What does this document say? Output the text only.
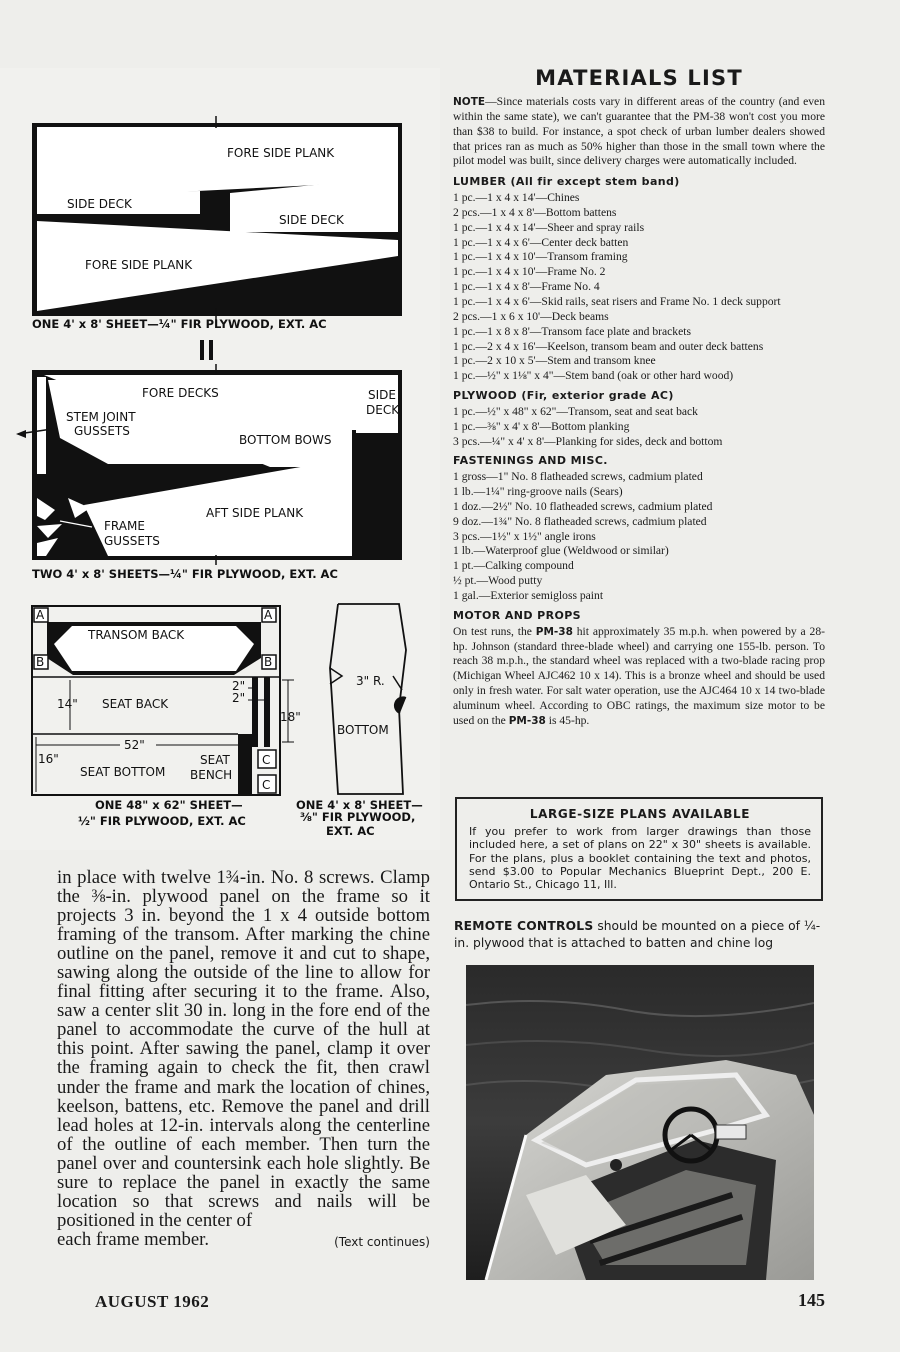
FORE SIDE PLANK
SIDE DECK
SIDE DECK
FORE SIDE PLANK
ONE 4' x 8' SHEET—¼" FIR PLYWOOD, EXT. AC
FORE DECKS	SIDE
DECK
STEM JOINT
GUSSETS
BOTTOM BOWS
AFT SIDE PLANK
FRAME
GUSSETS
TWO 4' x 8' SHEETS—¼" FIR PLYWOOD, EXT. AC
A	A
B	B
C
C
TRANSOM BACK
SEAT BACK
SEAT BOTTOM
SEAT
BENCH
14"
16"
52"
2"
2"
18"
ONE 48" x 62" SHEET—
½" FIR PLYWOOD, EXT. AC
3" R.
BOTTOM
ONE 4' x 8' SHEET—
⅜" FIR PLYWOOD,
EXT. AC

in place with twelve 1¾-in. No. 8 screws. Clamp the ⅜-in. plywood panel on the frame so it projects 3 in. beyond the 1 x 4 outside bottom framing of the transom. After marking the chine outline on the panel, remove it and cut to shape, sawing along the outside of the line to allow for final fitting after securing it to the frame. Also, saw a center slit 30 in. long in the fore end of the panel to accommodate the curve of the hull at this point. After sawing the panel, clamp it over the framing again to check the fit, then crawl under the frame and mark the location of chines, keelson, battens, etc. Remove the panel and drill lead holes at 12-in. intervals along the centerline of the outline of each member. Then turn the panel over and countersink each hole slightly. Be sure to replace the panel in exactly the same location so that screws and nails will be positioned in the center of

each frame member.	(Text continues)

AUGUST 1962	145
MATERIALS LIST

NOTE—Since materials costs vary in different areas of the country (and even within the same state), we can't guarantee that the PM-38 won't cost you more than $38 to build. For instance, a spot check of urban lumber dealers showed that prices ran as much as 50% higher than those in the small town where the pilot model was built, since delivery charges were automatically included.

LUMBER (All fir except stem band)
1 pc.—1 x 4 x 14'—Chines
2 pcs.—1 x 4 x 8'—Bottom battens
1 pc.—1 x 4 x 14'—Sheer and spray rails
1 pc.—1 x 4 x 6'—Center deck batten
1 pc.—1 x 4 x 10'—Transom framing
1 pc.—1 x 4 x 10'—Frame No. 2
1 pc.—1 x 4 x 8'—Frame No. 4
1 pc.—1 x 4 x 6'—Skid rails, seat risers and Frame No. 1 deck support
2 pcs.—1 x 6 x 10'—Deck beams
1 pc.—1 x 8 x 8'—Transom face plate and brackets
1 pc.—2 x 4 x 16'—Keelson, transom beam and outer deck battens
1 pc.—2 x 10 x 5'—Stem and transom knee
1 pc.—½" x 1⅛" x 4"—Stem band (oak or other hard wood)
PLYWOOD (Fir, exterior grade AC)
1 pc.—½" x 48" x 62"—Transom, seat and seat back
1 pc.—⅜" x 4' x 8'—Bottom planking
3 pcs.—¼" x 4' x 8'—Planking for sides, deck and bottom
FASTENINGS AND MISC.
1 gross—1" No. 8 flatheaded screws, cadmium plated
1 lb.—1¼" ring-groove nails (Sears)
1 doz.—2½" No. 10 flatheaded screws, cadmium plated
9 doz.—1¾" No. 8 flatheaded screws, cadmium plated
3 pcs.—1½" x 1½" angle irons
1 lb.—Waterproof glue (Weldwood or similar)
1 pt.—Calking compound
½ pt.—Wood putty
1 gal.—Exterior semigloss paint
MOTOR AND PROPS

On test runs, the PM-38 hit approximately 35 m.p.h. when powered by a 28-hp. Johnson (standard three-blade wheel) and carrying one 155-lb. person. To reach 38 m.p.h., the standard wheel was replaced with a two-blade racing prop (Michigan Wheel AJC462 10 x 14). This is a bronze wheel and should be used only in fresh water. For salt water operation, use the AJC464 10 x 14 two-blade aluminum wheel. According to OBC ratings, the maximum size motor to be used on the PM-38 is 45-hp.

LARGE-SIZE PLANS AVAILABLE

If you prefer to work from larger drawings than those included here, a set of plans on 22" x 30" sheets is available. For the plans, plus a booklet containing the text and photos, send $3.00 to Popular Mechanics Blueprint Dept., 200 E. Ontario St., Chicago 11, Ill.

REMOTE CONTROLS should be mounted on a piece of ¼-in. plywood that is attached to batten and chine log
